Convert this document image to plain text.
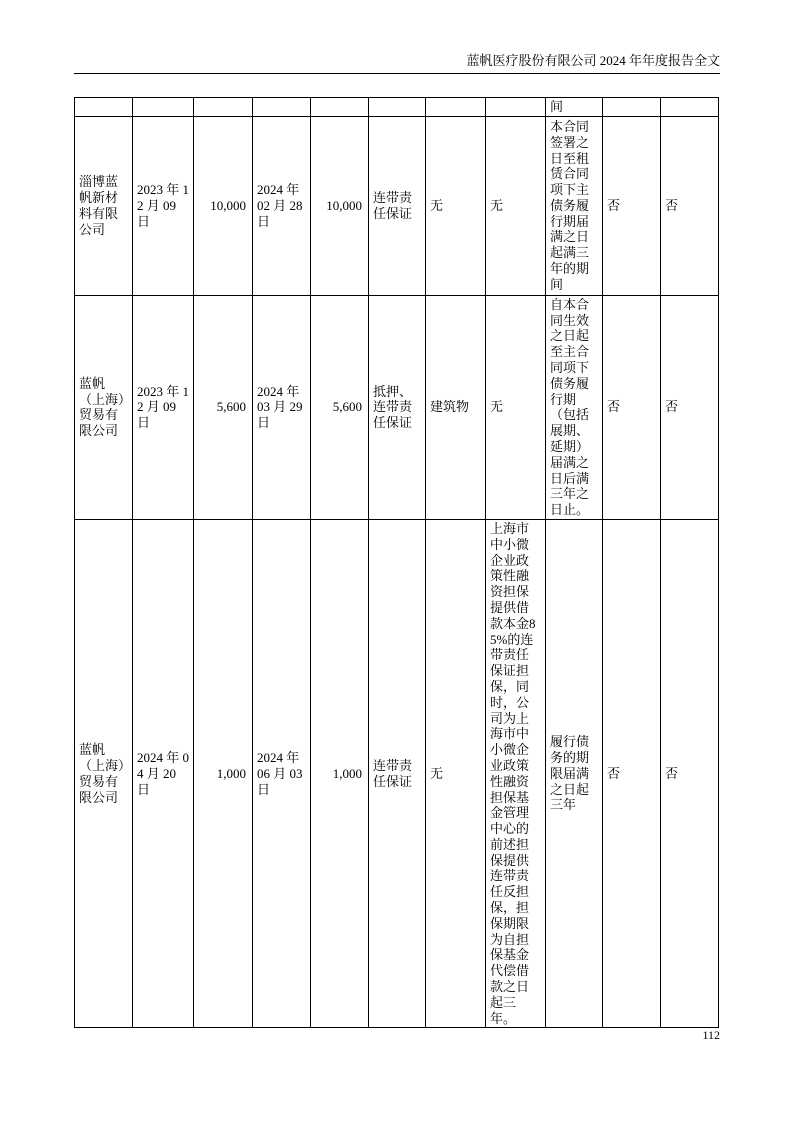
蓝帆医疗股份有限公司 2024 年年度报告全文
								间		
淄博蓝帆新材料有限公司	2023 年 12 月 09 日	10,000	2024 年 02 月 28 日	10,000	连带责任保证	无	无	本合同签署之日至租赁合同项下主债务履行期届满之日起满三年的期间	否	否
蓝帆（上海）贸易有限公司	2023 年 12 月 09 日	5,600	2024 年 03 月 29 日	5,600	抵押、连带责任保证	建筑物	无	自本合同生效之日起至主合同项下债务履行期（包括展期、延期）届满之日后满三年之日止。	否	否
蓝帆（上海）贸易有限公司	2024 年 04 月 20 日	1,000	2024 年 06 月 03 日	1,000	连带责任保证	无	上海市中小微企业政策性融资担保提供借款本金85%的连带责任保证担保，同时，公司为上海市中小微企业政策性融资担保基金管理中心的前述担保提供连带责任反担保，担保期限为自担保基金代偿借款之日起三年。	履行债务的期限届满之日起三年	否	否
112
